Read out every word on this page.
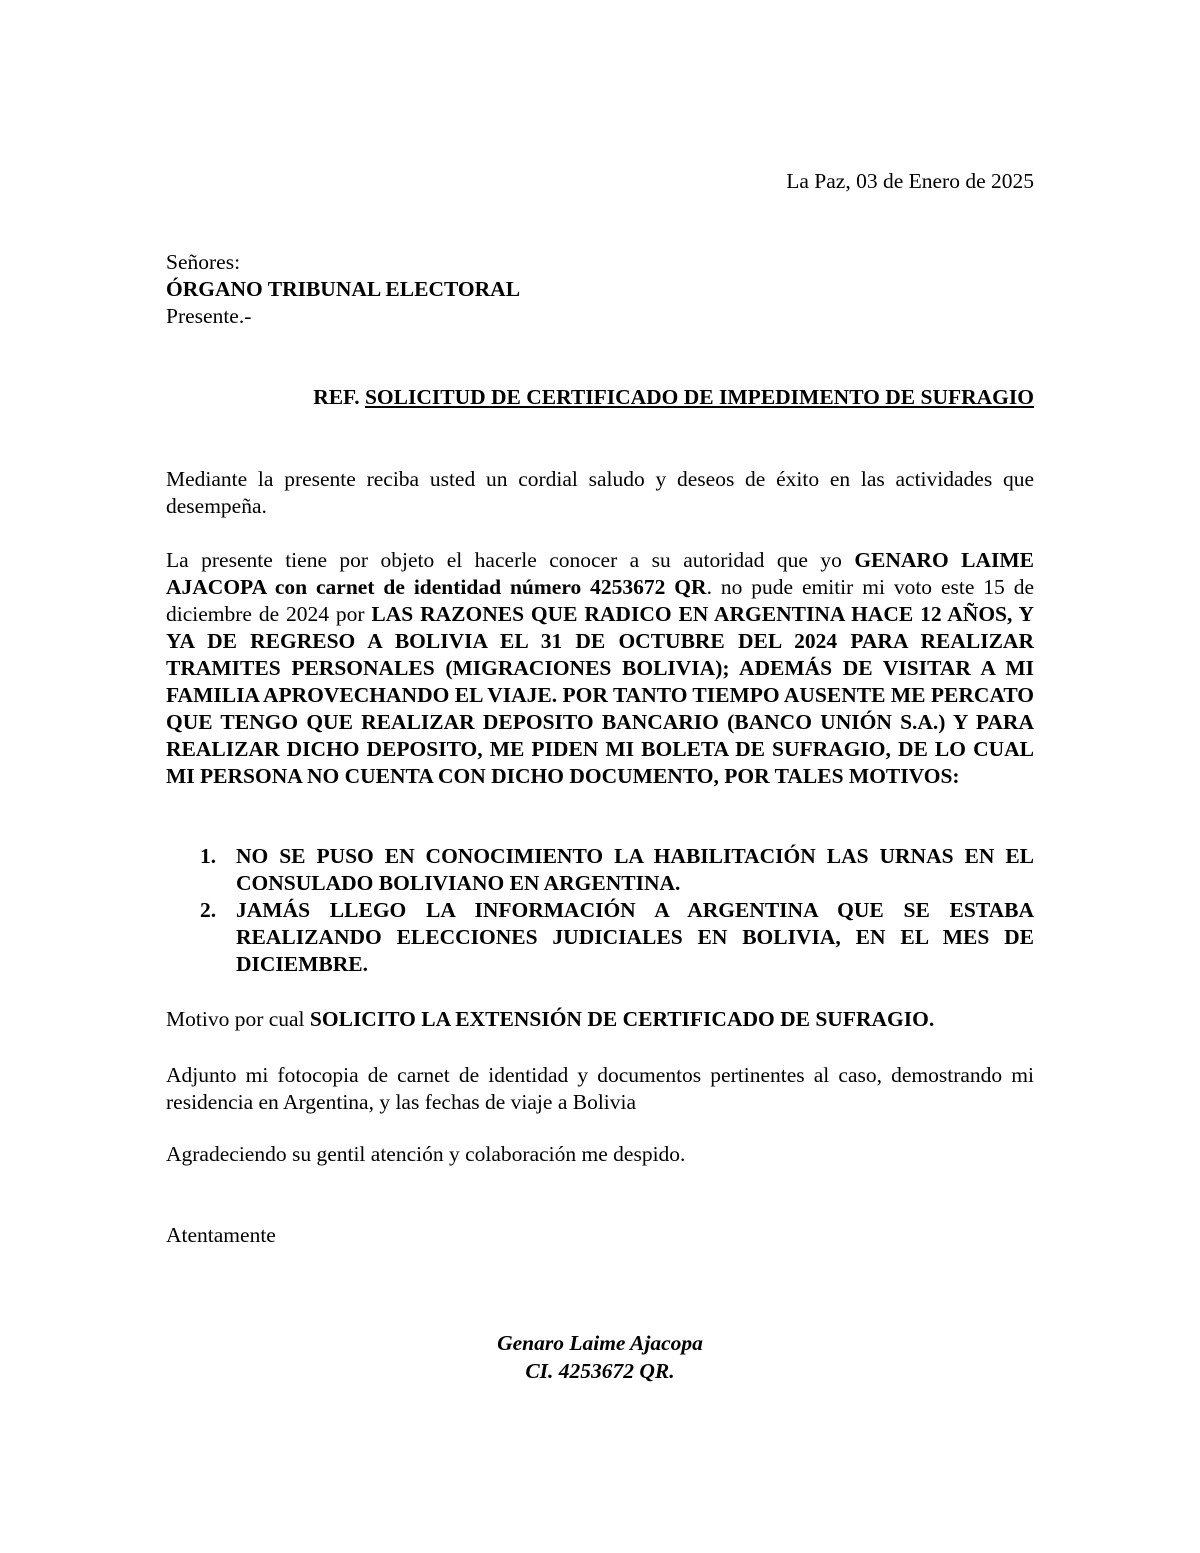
La Paz, 03 de Enero de 2025
Señores:
ÓRGANO TRIBUNAL ELECTORAL
Presente.-
REF. SOLICITUD DE CERTIFICADO DE IMPEDIMENTO DE SUFRAGIO
Mediante la presente reciba usted un cordial saludo y deseos de éxito en las actividades que desempeña.
La presente tiene por objeto el hacerle conocer a su autoridad que yo GENARO LAIME AJACOPA con carnet de identidad número 4253672 QR. no pude emitir mi voto este 15 de diciembre de 2024 por LAS RAZONES QUE RADICO EN ARGENTINA HACE 12 AÑOS, Y YA DE REGRESO A BOLIVIA EL 31 DE OCTUBRE DEL 2024 PARA REALIZAR TRAMITES PERSONALES (MIGRACIONES BOLIVIA); ADEMÁS DE VISITAR A MI FAMILIA APROVECHANDO EL VIAJE. POR TANTO TIEMPO AUSENTE ME PERCATO QUE TENGO QUE REALIZAR DEPOSITO BANCARIO (BANCO UNIÓN S.A.) Y PARA REALIZAR DICHO DEPOSITO, ME PIDEN MI BOLETA DE SUFRAGIO, DE LO CUAL MI PERSONA NO CUENTA CON DICHO DOCUMENTO, POR TALES MOTIVOS:
1. NO SE PUSO EN CONOCIMIENTO LA HABILITACIÓN LAS URNAS EN EL CONSULADO BOLIVIANO EN ARGENTINA.
2. JAMÁS LLEGO LA INFORMACIÓN A ARGENTINA QUE SE ESTABA REALIZANDO ELECCIONES JUDICIALES EN BOLIVIA, EN EL MES DE DICIEMBRE.
Motivo por cual SOLICITO LA EXTENSIÓN DE CERTIFICADO DE SUFRAGIO.
Adjunto mi fotocopia de carnet de identidad y documentos pertinentes al caso, demostrando mi residencia en Argentina, y las fechas de viaje a Bolivia
Agradeciendo su gentil atención y colaboración me despido.
Atentamente
Genaro Laime Ajacopa
CI. 4253672 QR.
